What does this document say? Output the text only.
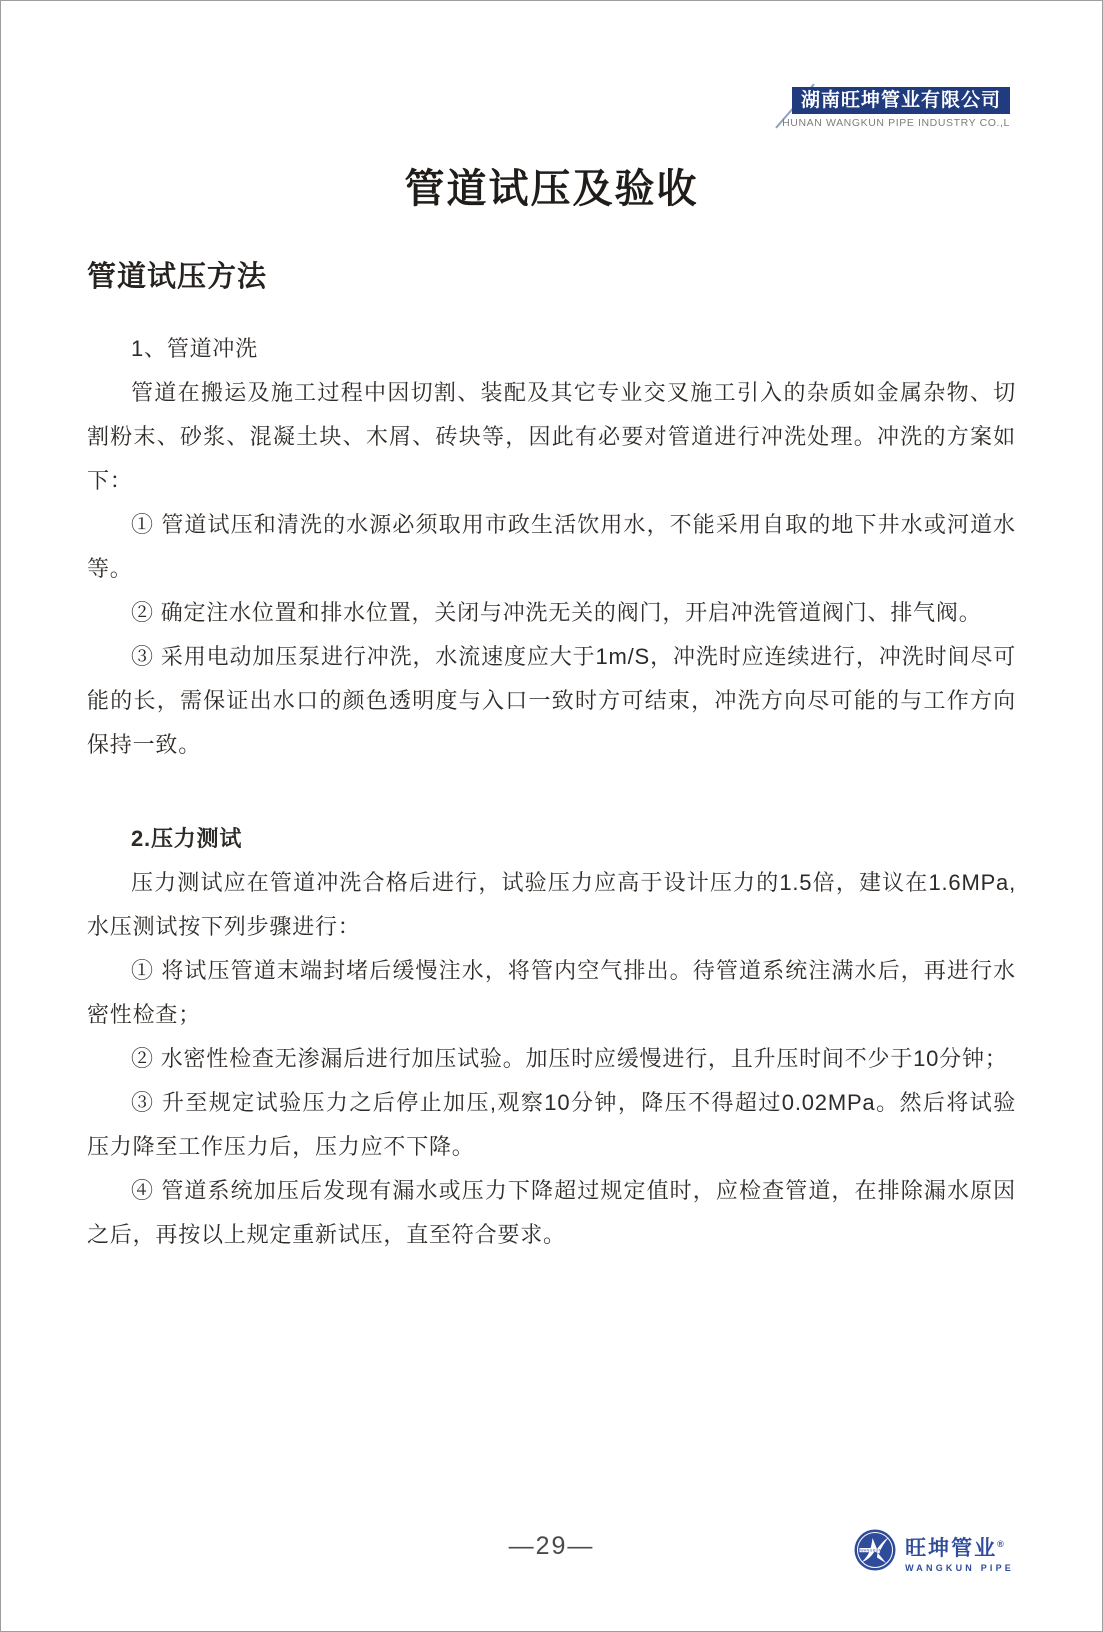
湖南旺坤管业有限公司
HUNAN WANGKUN PIPE INDUSTRY CO.,L
管道试压及验收
管道试压方法

1、管道冲洗

管道在搬运及施工过程中因切割、装配及其它专业交叉施工引入的杂质如金属杂物、切割粉末、砂浆、混凝土块、木屑、砖块等，因此有必要对管道进行冲洗处理。冲洗的方案如下：

① 管道试压和清洗的水源必须取用市政生活饮用水，不能采用自取的地下井水或河道水等。

② 确定注水位置和排水位置，关闭与冲洗无关的阀门，开启冲洗管道阀门、排气阀。

③ 采用电动加压泵进行冲洗，水流速度应大于1m/S，冲洗时应连续进行，冲洗时间尽可能的长，需保证出水口的颜色透明度与入口一致时方可结束，冲洗方向尽可能的与工作方向保持一致。

2.压力测试

压力测试应在管道冲洗合格后进行，试验压力应高于设计压力的1.5倍，建议在1.6MPa,水压测试按下列步骤进行：

① 将试压管道末端封堵后缓慢注水，将管内空气排出。待管道系统注满水后，再进行水密性检查；

② 水密性检查无渗漏后进行加压试验。加压时应缓慢进行，且升压时间不少于10分钟；

③ 升至规定试验压力之后停止加压,观察10分钟，降压不得超过0.02MPa。然后将试验压力降至工作压力后，压力应不下降。

④ 管道系统加压后发现有漏水或压力下降超过规定值时，应检查管道，在排除漏水原因之后，再按以上规定重新试压，直至符合要求。

—29—	WANGKUN 旺坤管业®
WANGKUN PIPE
